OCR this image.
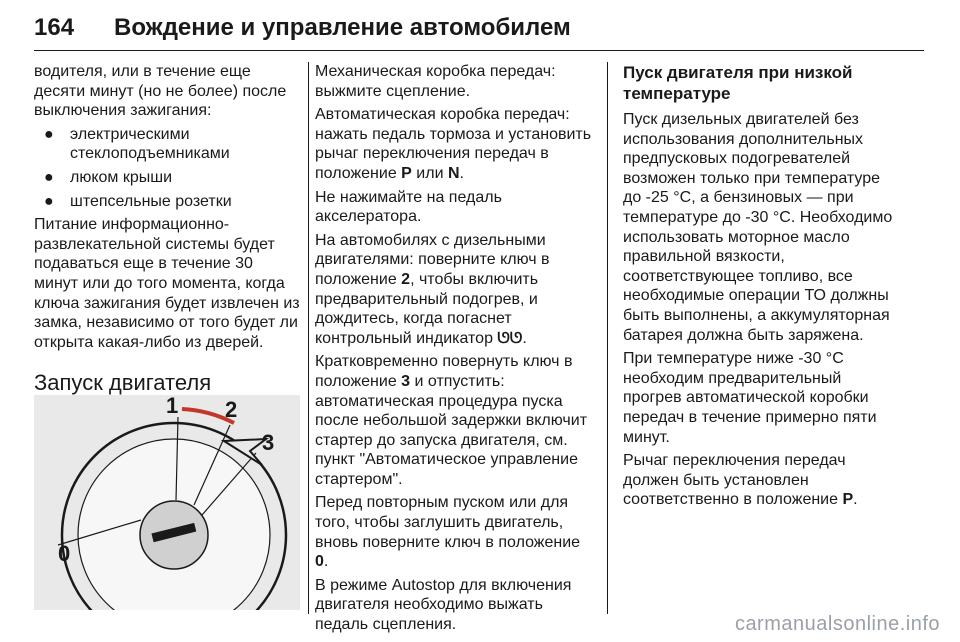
164 Вождение и управление автомобилем

водителя, или в течение еще десяти минут (но не более) после выключения зажигания:

● электрическими стеклоподъемниками
● люком крыши
● штепсельные розетки

Питание информационно-развлекательной системы будет подаваться еще в течение 30 минут или до того момента, когда ключа зажигания будет извлечен из замка, независимо от того будет ли открыта какая-либо из дверей.

Запуск двигателя
1 2
3
0

Механическая коробка передач: выжмите сцепление.

Автоматическая коробка передач: нажать педаль тормоза и установить рычаг переключения передач в положение P или N.

Не нажимайте на педаль акселератора.

На автомобилях с дизельными двигателями: поверните ключ в положение 2, чтобы включить предварительный подогрев, и дождитесь, когда погаснет контрольный индикатор ᘎᘎ.

Кратковременно повернуть ключ в положение 3 и отпустить: автоматическая процедура пуска после небольшой задержки включит стартер до запуска двигателя, см. пункт "Автоматическое управление стартером".

Перед повторным пуском или для того, чтобы заглушить двигатель, вновь поверните ключ в положение 0.

В режиме Autostop для включения двигателя необходимо выжать педаль сцепления.

Пуск двигателя при низкой температуре

Пуск дизельных двигателей без использования дополнительных предпусковых подогревателей возможен только при температуре до -25 °C, а бензиновых — при температуре до -30 °C. Необходимо использовать моторное масло правильной вязкости, соответствующее топливо, все необходимые операции ТО должны быть выполнены, а аккумуляторная батарея должна быть заряжена.

При температуре ниже -30 °C необходим предварительный прогрев автоматической коробки передач в течение примерно пяти минут.

Рычаг переключения передач должен быть установлен соответственно в положение P.

carmanualsonline.info
